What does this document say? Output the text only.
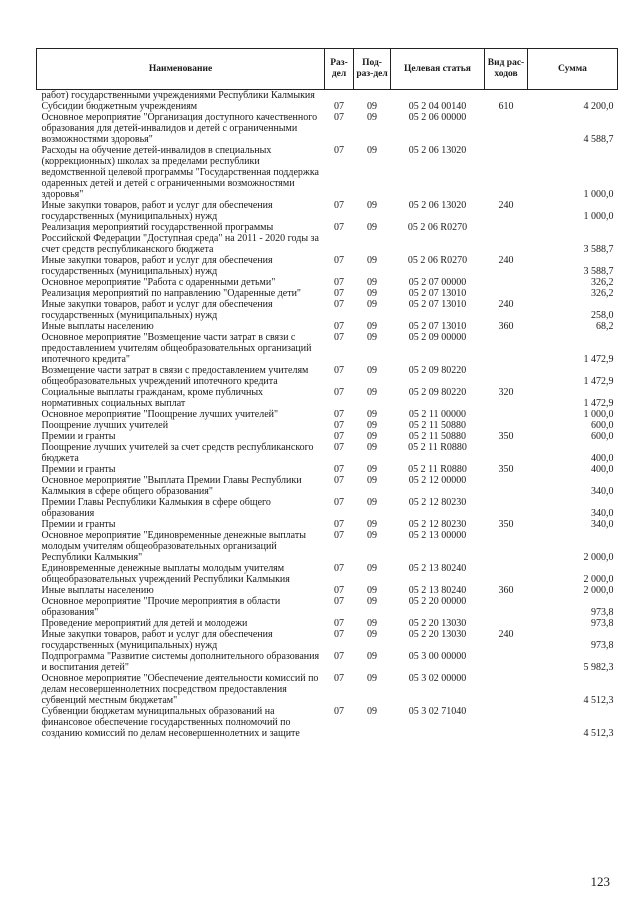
Наименование	Раз-дел	Под-раз-дел	Целевая статья	Вид рас-ходов	Сумма
работ) государственными учреждениями Республики Калмыкия					
Субсидии бюджетным учреждениям	07	09	05 2 04 00140	610	4 200,0
Основное мероприятие "Организация доступного качественного образования для детей-инвалидов и детей с ограниченными возможностями здоровья"	07	09	05 2 06 00000		4 588,7
Расходы на обучение детей-инвалидов в специальных (коррекционных) школах за пределами республики ведомственной целевой программы "Государственная поддержка одаренных детей и детей с ограниченными возможностями здоровья"	07	09	05 2 06 13020		1 000,0
Иные закупки товаров, работ и услуг для обеспечения государственных (муниципальных) нужд	07	09	05 2 06 13020	240	1 000,0
Реализация мероприятий государственной программы Российской Федерации "Доступная среда" на 2011 - 2020 годы за счет средств республиканского бюджета	07	09	05 2 06 R0270		3 588,7
Иные закупки товаров, работ и услуг для обеспечения государственных (муниципальных) нужд	07	09	05 2 06 R0270	240	3 588,7
Основное мероприятие "Работа с одаренными детьми"	07	09	05 2 07 00000		326,2
Реализация мероприятий по направлению "Одаренные дети"	07	09	05 2 07 13010		326,2
Иные закупки товаров, работ и услуг для обеспечения государственных (муниципальных) нужд	07	09	05 2 07 13010	240	258,0
Иные выплаты населению	07	09	05 2 07 13010	360	68,2
Основное мероприятие "Возмещение части затрат в связи с предоставлением учителям общеобразовательных организаций ипотечного кредита"	07	09	05 2 09 00000		1 472,9
Возмещение части затрат в связи с предоставлением учителям общеобразовательных учреждений ипотечного кредита	07	09	05 2 09 80220		1 472,9
Социальные выплаты гражданам, кроме публичных нормативных социальных выплат	07	09	05 2 09 80220	320	1 472,9
Основное мероприятие "Поощрение лучших учителей"	07	09	05 2 11 00000		1 000,0
Поощрение лучших учителей	07	09	05 2 11 50880		600,0
Премии и гранты	07	09	05 2 11 50880	350	600,0
Поощрение лучших учителей за счет средств республиканского бюджета	07	09	05 2 11 R0880		400,0
Премии и гранты	07	09	05 2 11 R0880	350	400,0
Основное мероприятие "Выплата Премии Главы Республики Калмыкия в сфере общего образования"	07	09	05 2 12 00000		340,0
Премии Главы Республики Калмыкия в сфере общего образования	07	09	05 2 12 80230		340,0
Премии и гранты	07	09	05 2 12 80230	350	340,0
Основное мероприятие "Единовременные денежные выплаты молодым учителям общеобразовательных организаций Республики Калмыкия"	07	09	05 2 13 00000		2 000,0
Единовременные денежные выплаты молодым учителям общеобразовательных учреждений Республики Калмыкия	07	09	05 2 13 80240		2 000,0
Иные выплаты населению	07	09	05 2 13 80240	360	2 000,0
Основное мероприятие "Прочие мероприятия в области образования"	07	09	05 2 20 00000		973,8
Проведение мероприятий для детей и молодежи	07	09	05 2 20 13030		973,8
Иные закупки товаров, работ и услуг для обеспечения государственных (муниципальных) нужд	07	09	05 2 20 13030	240	973,8
Подпрограмма "Развитие системы дополнительного образования и воспитания детей"	07	09	05 3 00 00000		5 982,3
Основное мероприятие "Обеспечение деятельности комиссий по делам несовершеннолетних посредством предоставления субвенций местным бюджетам"	07	09	05 3 02 00000		4 512,3
Субвенции бюджетам муниципальных образований на финансовое обеспечение государственных полномочий по созданию комиссий по делам несовершеннолетних и защите	07	09	05 3 02 71040		4 512,3
123
